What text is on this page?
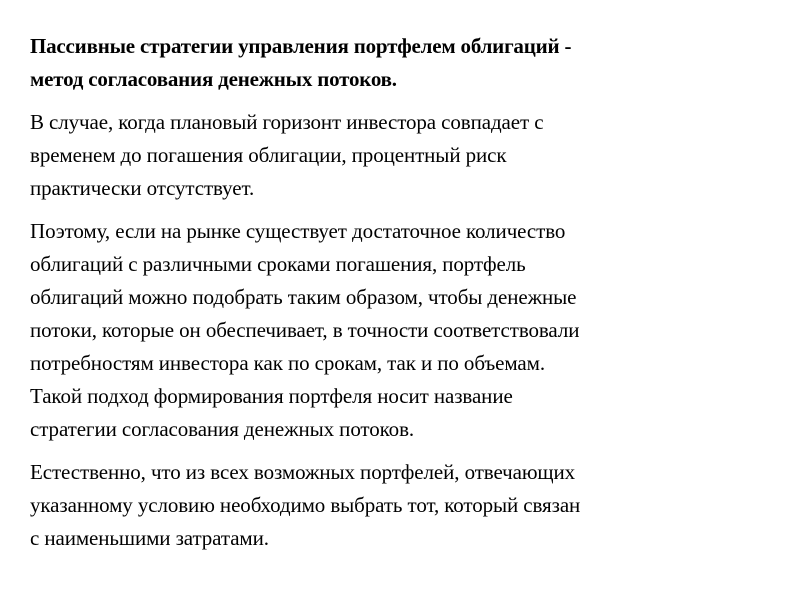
Пассивные стратегии управления портфелем облигаций -
метод согласования денежных потоков.

В случае, когда плановый горизонт инвестора совпадает с
временем до погашения облигации, процентный риск
практически отсутствует.

Поэтому, если на рынке существует достаточное количество
облигаций с различными сроками погашения, портфель
облигаций можно подобрать таким образом, чтобы денежные
потоки, которые он обеспечивает, в точности соответствовали
потребностям инвестора как по срокам, так и по объемам.
Такой подход формирования портфеля носит название
стратегии согласования денежных потоков.

Естественно, что из всех возможных портфелей, отвечающих
указанному условию необходимо выбрать тот, который связан
с наименьшими затратами.
